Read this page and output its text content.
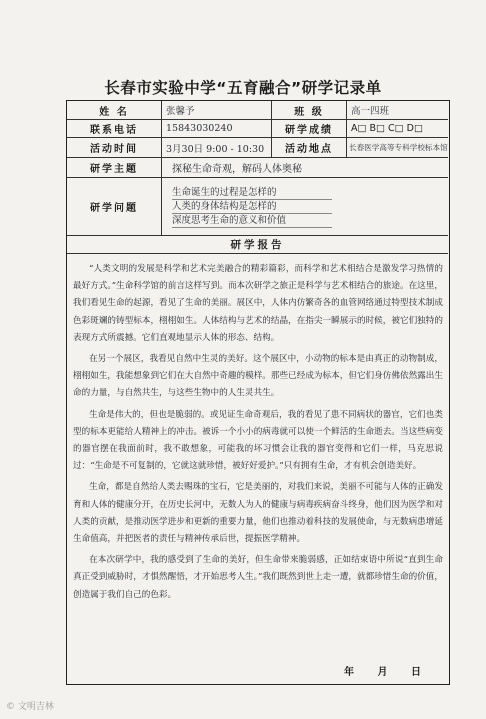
长春市实验中学“五育融合”研学记录单
姓 名	张馨予	班 级	高一四班
联系电话	15843030240	研学成绩	A□ B□ C□ D□
活动时间	3月30日 9:00 - 10:30	活动地点	长春医学高等专科学校标本馆
研学主题	探秘生命奇观，解码人体奥秘
研学问题
生命诞生的过程是怎样的
人类的身体结构是怎样的
深度思考生命的意义和价值
研学报告

“人类文明的发展是科学和艺术完美融合的精彩篇彩，而科学和艺术相结合是激发学习热情的最好方式。”生命科学馆的前言这样写到。而本次研学之旅正是科学与艺术相结合的旅途。在这里，我们看见生命的起源，看见了生命的美丽。展区中，人体内仿繁奇各的血管网络通过特型技术制成色彩斑斓的铸型标本，栩栩如生。人体结构与艺术的结晶，在指尖一瞬展示的时候，被它们独特的表现方式所震撼。它们直观地显示人体的形态、结构。

在另一个展区，我看见自然中生灵的美好。这个展区中，小动物的标本是由真正的动物制成，栩栩如生，我能想象到它们在大自然中奇趣的模样。那些已经成为标本，但它们身仿佛依然露出生命的力量，与自然共生，与这些生物中的人生灵共生。

生命是伟大的，但也是脆弱的。或见证生命奇观后，我的看见了患不同病状的器官，它们也类型的标本更能给人精神上的冲击。被诉一个小小的病毒就可以使一个鲜活的生命逝去。当这些病变的器官摆在我面前时，我不敢想象，可能我的坏习惯会让我的器官变得和它们一样，马克思说过：“生命是不可复制的，它就这就珍惜，被好好爱护。”只有拥有生命，才有机会创造美好。

生命，都是自然给人类去赐珠的宝石，它是美丽的，对我们来说，美丽不可能与人体的正确发育和人体的健康分开，在历史长河中，无数人为人的健康与病毒疾病奋斗终身，他们因为医学和对人类的贡献，是推动医学进步和更新的重要力量，他们也推动着科技的发展使命，与无数病患增延生命值高，并把医者的责任与精神传承后世，提振医学精神。

在本次研学中，我的感受到了生命的美好，但生命带来脆弱感，正如结束语中所说“直到生命真正受到威胁时，才惧然醒悟，才开始思考人生。”我们既然到世上走一遭，就都珍惜生命的价值，创造属于我们自己的色彩。

年 月 日
© 文明吉林
